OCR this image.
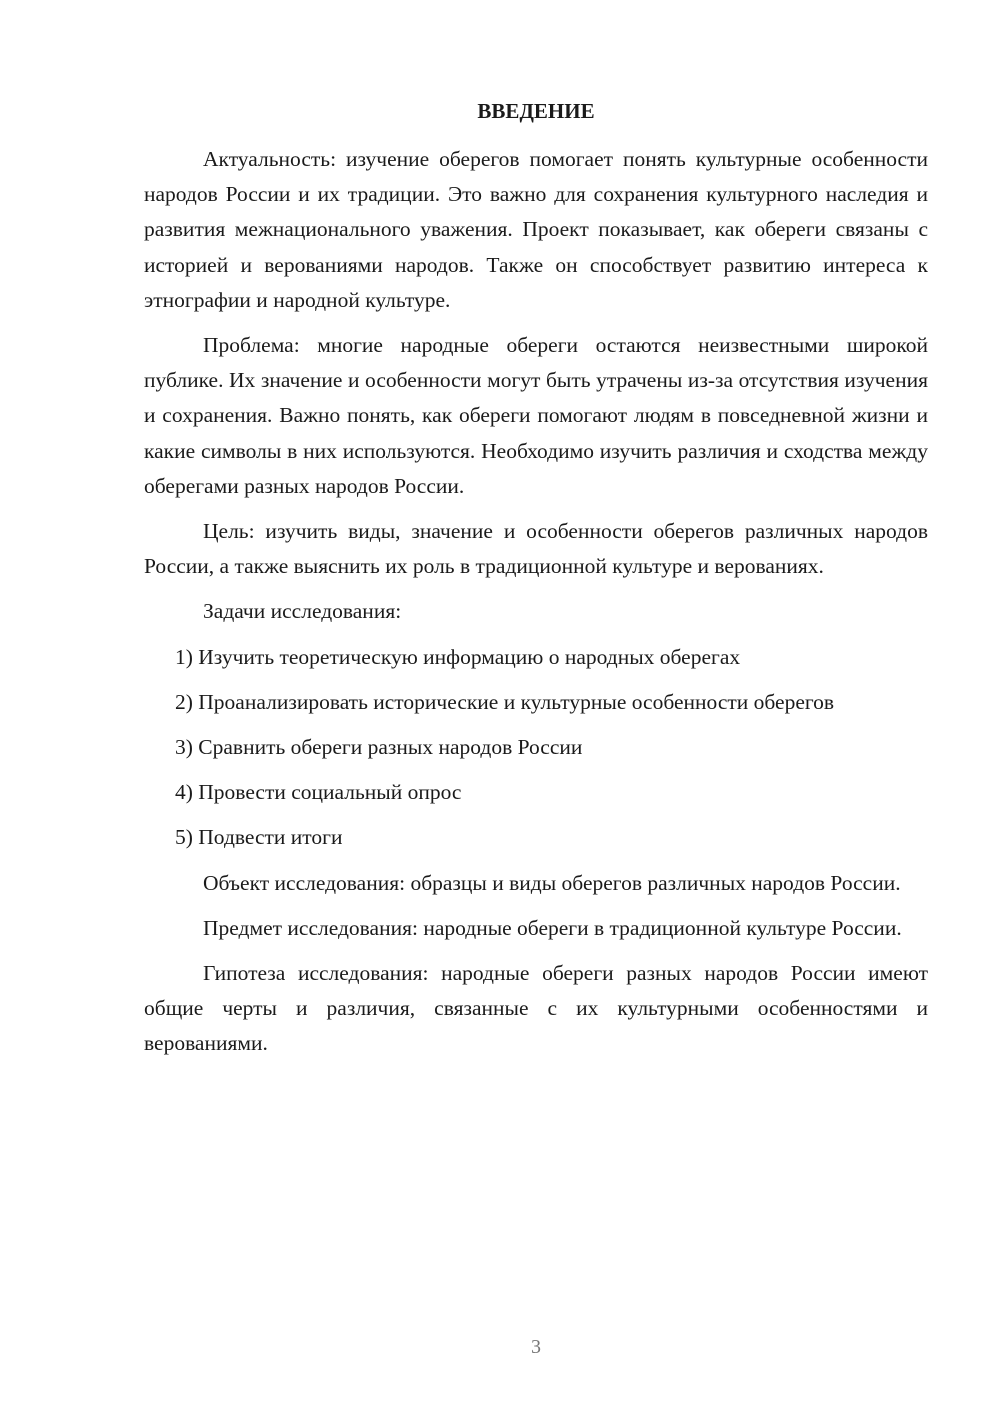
ВВЕДЕНИЕ

Актуальность: изучение оберегов помогает понять культурные особенности народов России и их традиции. Это важно для сохранения культурного наследия и развития межнационального уважения. Проект показывает, как обереги связаны с историей и верованиями народов. Также он способствует развитию интереса к этнографии и народной культуре.

Проблема: многие народные обереги остаются неизвестными широкой публике. Их значение и особенности могут быть утрачены из-за отсутствия изучения и сохранения. Важно понять, как обереги помогают людям в повседневной жизни и какие символы в них используются. Необходимо изучить различия и сходства между оберегами разных народов России.

Цель: изучить виды, значение и особенности оберегов различных народов России, а также выяснить их роль в традиционной культуре и верованиях.

Задачи исследования:

1) Изучить теоретическую информацию о народных оберегах

2) Проанализировать исторические и культурные особенности оберегов

3) Сравнить обереги разных народов России

4) Провести социальный опрос

5) Подвести итоги

Объект исследования: образцы и виды оберегов различных народов России.

Предмет исследования: народные обереги в традиционной культуре России.

Гипотеза исследования: народные обереги разных народов России имеют общие черты и различия, связанные с их культурными особенностями и верованиями.

3
